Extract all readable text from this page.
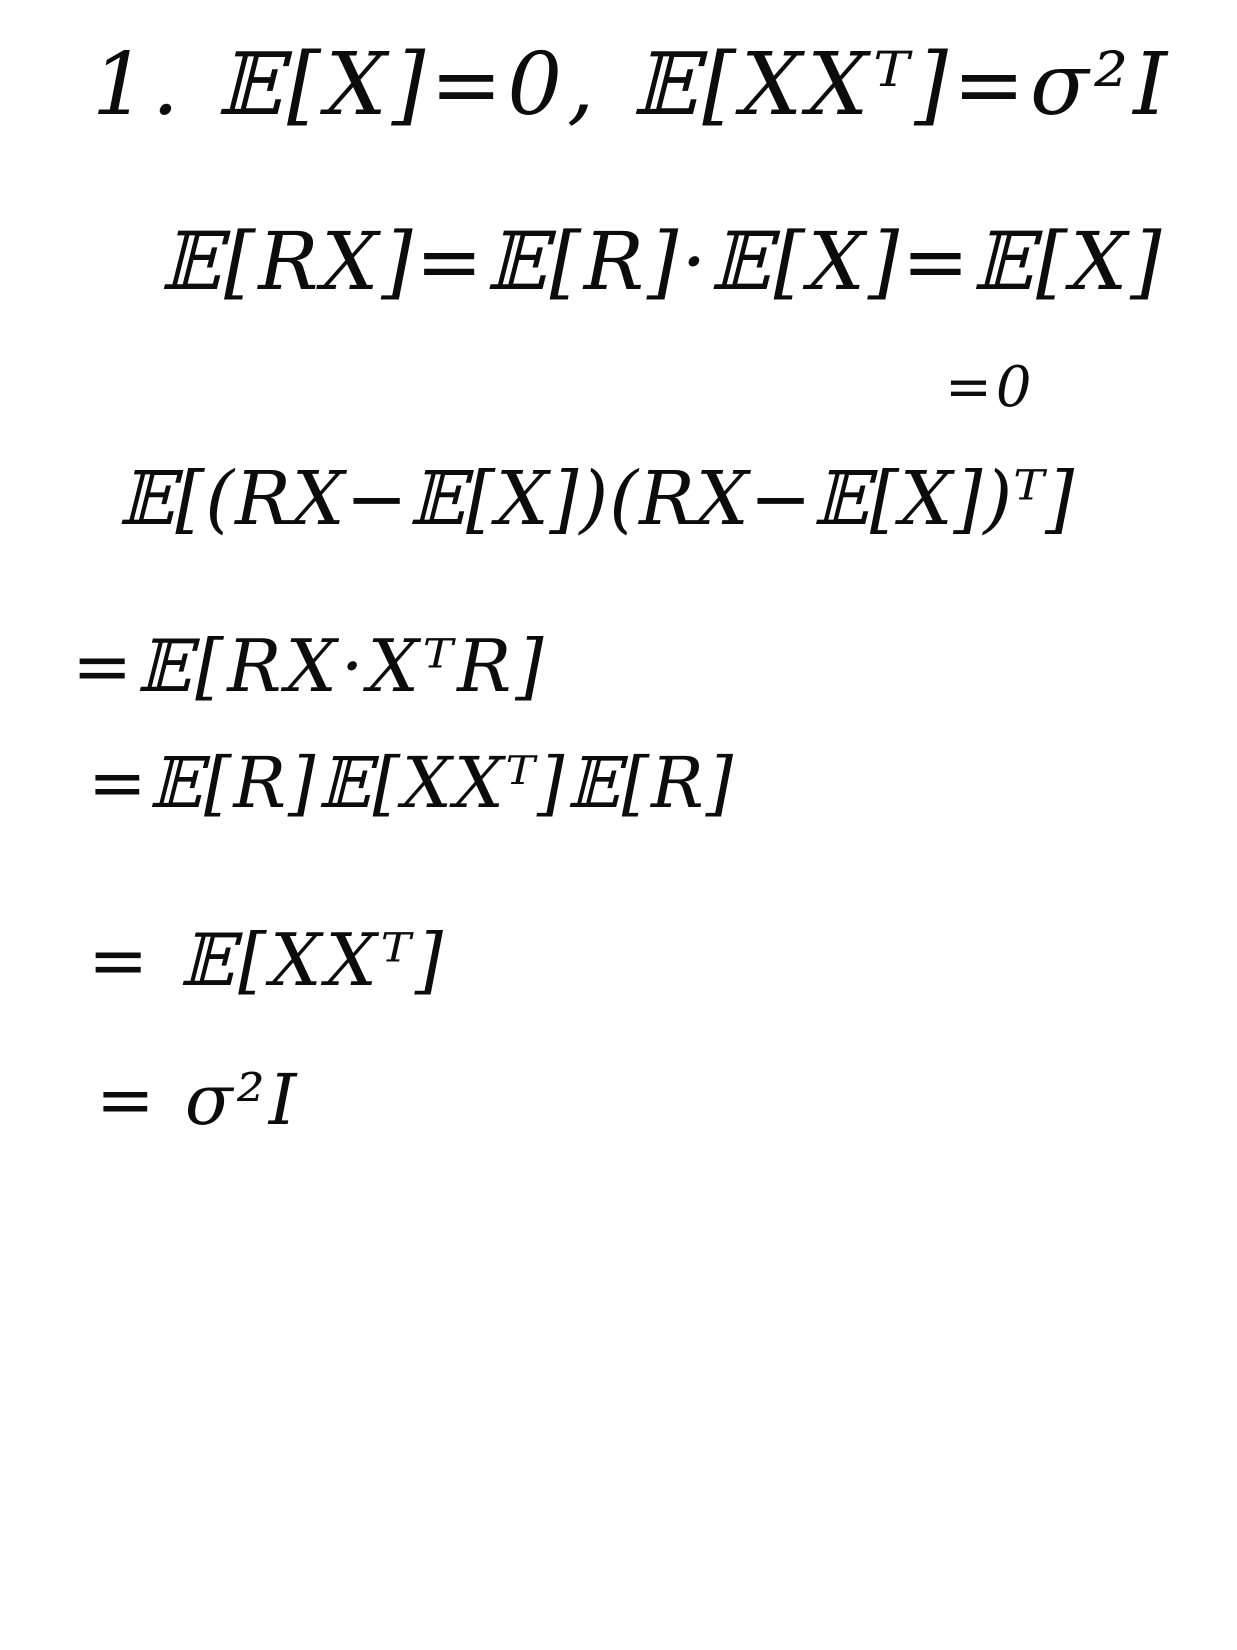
1. 𝔼[X]=0, 𝔼[XXᵀ]=σ²I
𝔼[RX]=𝔼[R]·𝔼[X]=𝔼[X]
=0
𝔼[(RX−𝔼[X])(RX−𝔼[X])ᵀ]
=𝔼[RX·XᵀR]
=𝔼[R]𝔼[XXᵀ]𝔼[R]
= 𝔼[XXᵀ]
= σ²I
